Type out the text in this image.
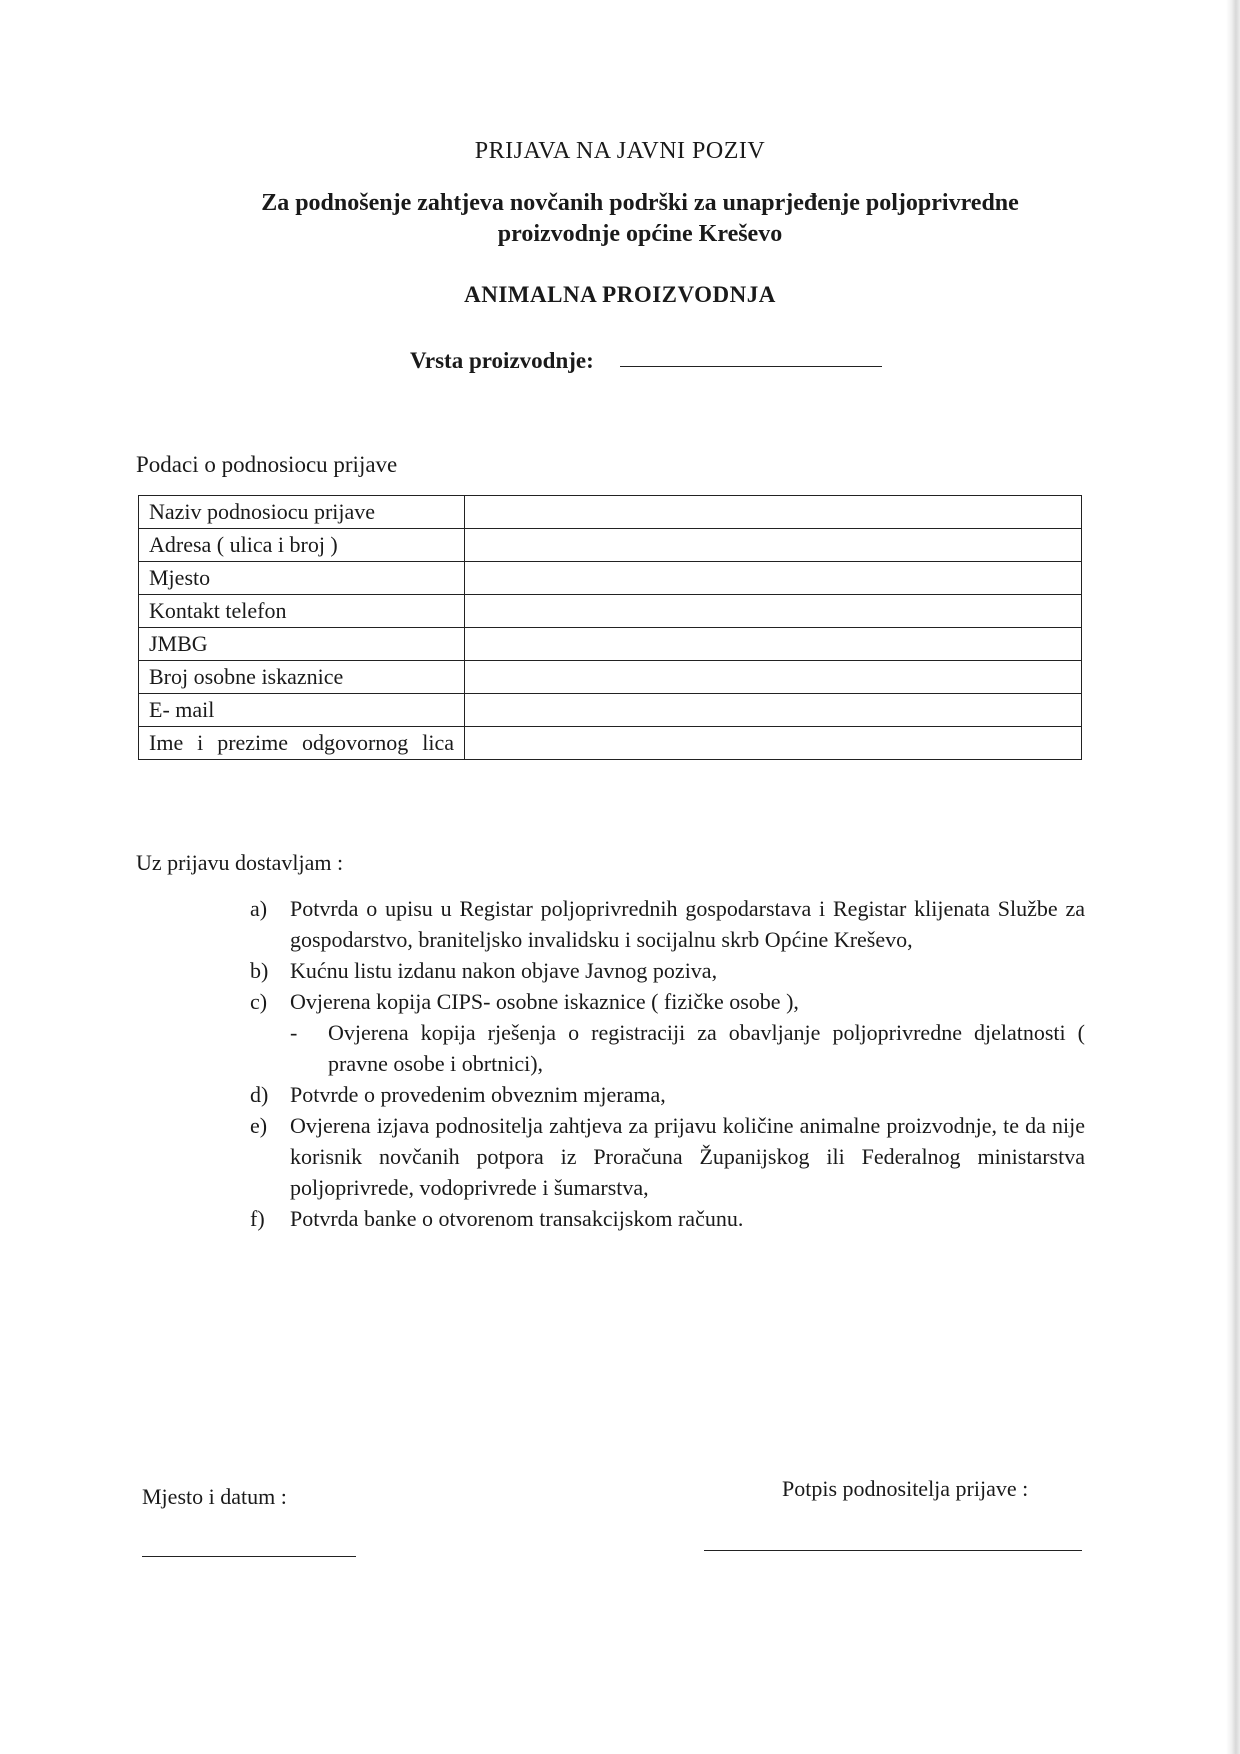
PRIJAVA NA JAVNI POZIV
Za podnošenje zahtjeva novčanih podrški za unaprjeđenje poljoprivredne
proizvodnje općine Kreševo
ANIMALNA PROIZVODNJA
Vrsta proizvodnje:
Podaci o podnosiocu prijave
Naziv podnosiocu prijave	
Adresa ( ulica i broj )	
Mjesto	
Kontakt telefon	
JMBG	
Broj osobne iskaznice	
E- mail	
Ime i prezime odgovornog lica	
Uz prijavu dostavljam :
a) Potvrda o upisu u Registar poljoprivrednih gospodarstava i Registar klijenata Službe za gospodarstvo, braniteljsko invalidsku i socijalnu skrb Općine Kreševo,
b) Kućnu listu izdanu nakon objave Javnog poziva,
c) Ovjerena kopija CIPS- osobne iskaznice ( fizičke osobe ),
- Ovjerena kopija rješenja o registraciji za obavljanje poljoprivredne djelatnosti ( pravne osobe i obrtnici),
d) Potvrde o provedenim obveznim mjerama,
e) Ovjerena izjava podnositelja zahtjeva za prijavu količine animalne proizvodnje, te da nije korisnik novčanih potpora iz Proračuna Županijskog ili Federalnog ministarstva poljoprivrede, vodoprivrede i šumarstva,
f) Potvrda banke o otvorenom transakcijskom računu.
Mjesto i datum :	Potpis podnositelja prijave :
